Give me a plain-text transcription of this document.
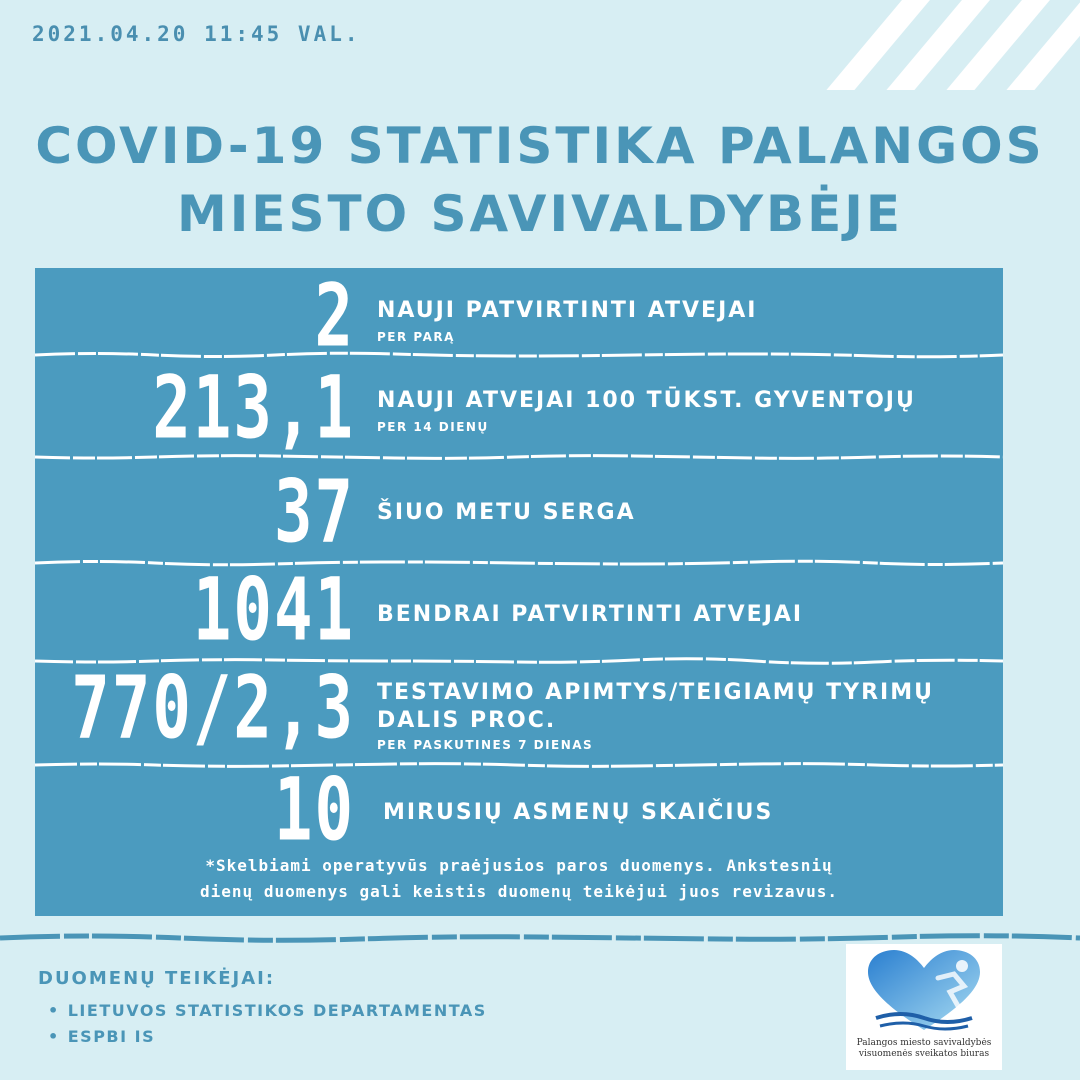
2021.04.20 11:45 VAL.
COVID-19 STATISTIKA PALANGOS
MIESTO SAVIVALDYBĖJE
2 NAUJI PATVIRTINTI ATVEJAI
PER PARĄ
213,1 NAUJI ATVEJAI 100 TŪKST. GYVENTOJŲ
PER 14 DIENŲ
37 ŠIUO METU SERGA
1041 BENDRAI PATVIRTINTI ATVEJAI
770/2,3 TESTAVIMO APIMTYS/TEIGIAMŲ TYRIMŲ
DALIS PROC.
PER PASKUTINES 7 DIENAS
10 MIRUSIŲ ASMENŲ SKAIČIUS
*Skelbiami operatyvūs praėjusios paros duomenys. Ankstesnių
dienų duomenys gali keistis duomenų teikėjui juos revizavus.
DUOMENŲ TEIKĖJAI:
• LIETUVOS STATISTIKOS DEPARTAMENTAS
• ESPBI IS	Palangos miesto savivaldybės
visuomenės sveikatos biuras
